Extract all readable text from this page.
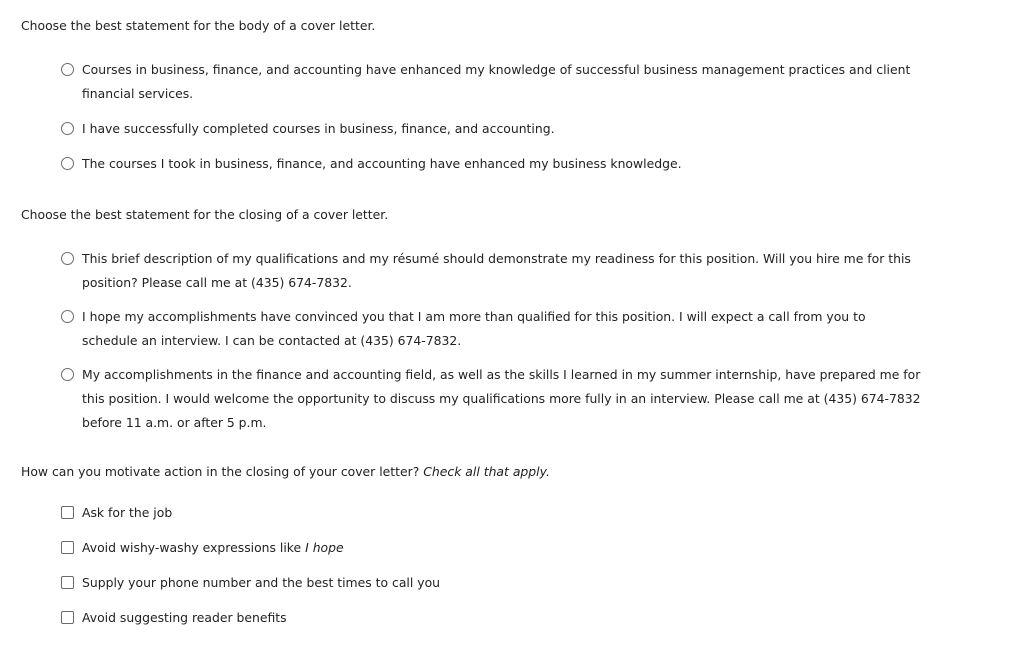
Choose the best statement for the body of a cover letter.

Courses in business, finance, and accounting have enhanced my knowledge of successful business management practices and client financial services.
I have successfully completed courses in business, finance, and accounting.
The courses I took in business, finance, and accounting have enhanced my business knowledge.

Choose the best statement for the closing of a cover letter.

This brief description of my qualifications and my résumé should demonstrate my readiness for this position. Will you hire me for this position? Please call me at (435) 674-7832.
I hope my accomplishments have convinced you that I am more than qualified for this position. I will expect a call from you to schedule an interview. I can be contacted at (435) 674-7832.
My accomplishments in the finance and accounting field, as well as the skills I learned in my summer internship, have prepared me for this position. I would welcome the opportunity to discuss my qualifications more fully in an interview. Please call me at (435) 674-7832 before 11 a.m. or after 5 p.m.

How can you motivate action in the closing of your cover letter? Check all that apply.

Ask for the job
Avoid wishy-washy expressions like I hope
Supply your phone number and the best times to call you
Avoid suggesting reader benefits
